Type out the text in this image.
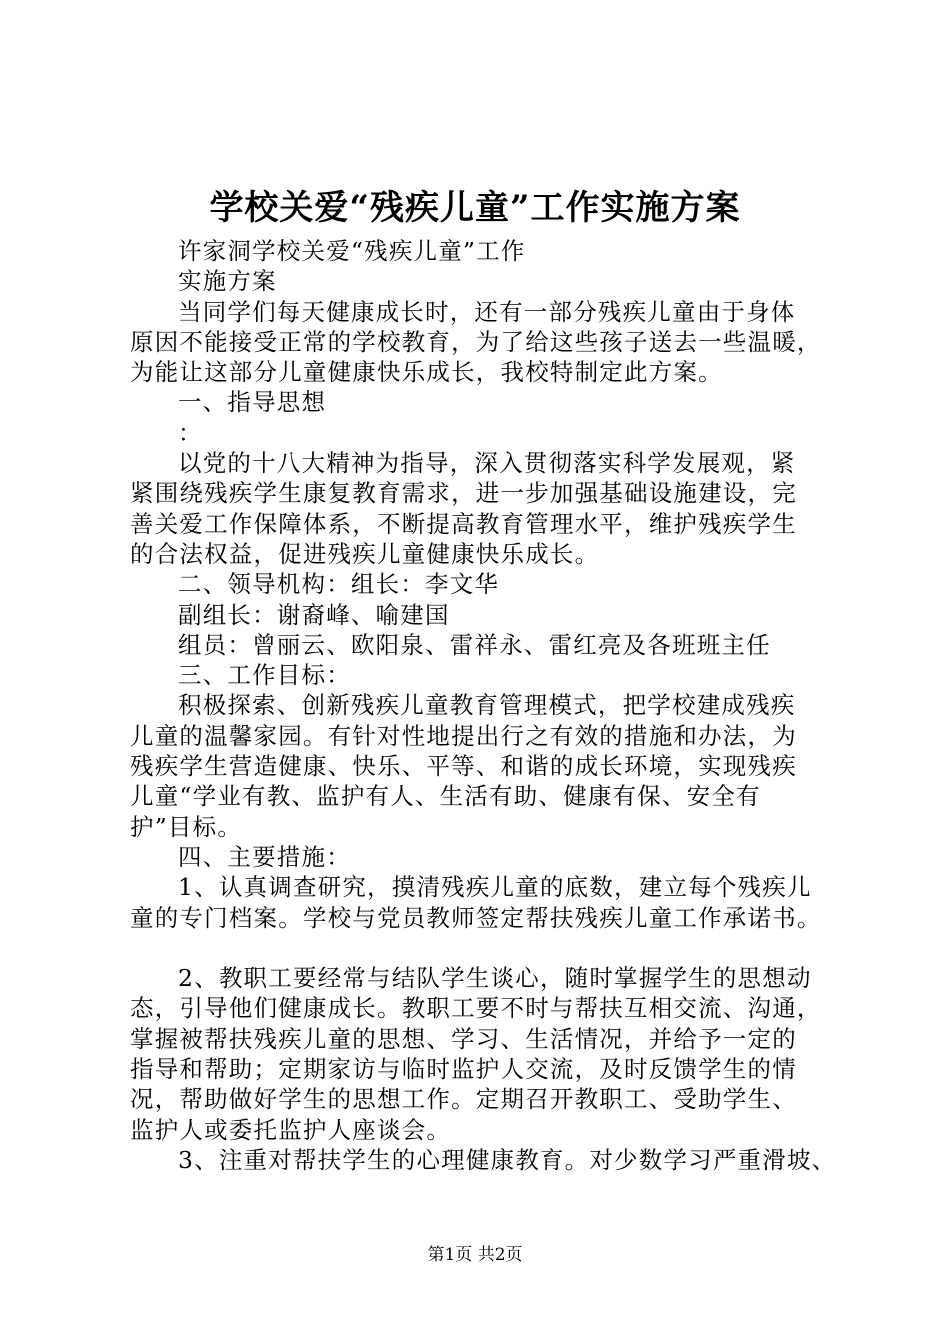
学校关爱“残疾儿童”工作实施方案
许家洞学校关爱“残疾儿童”工作
实施方案
当同学们每天健康成长时，还有一部分残疾儿童由于身体
原因不能接受正常的学校教育，为了给这些孩子送去一些温暖，
为能让这部分儿童健康快乐成长，我校特制定此方案。
一、指导思想
：
以党的十八大精神为指导，深入贯彻落实科学发展观，紧
紧围绕残疾学生康复教育需求，进一步加强基础设施建设，完
善关爱工作保障体系，不断提高教育管理水平，维护残疾学生
的合法权益，促进残疾儿童健康快乐成长。
二、领导机构：组长：李文华
副组长：谢裔峰、喻建国
组员：曾丽云、欧阳泉、雷祥永、雷红亮及各班班主任
三、工作目标：
积极探索、创新残疾儿童教育管理模式，把学校建成残疾
儿童的温馨家园。有针对性地提出行之有效的措施和办法，为
残疾学生营造健康、快乐、平等、和谐的成长环境，实现残疾
儿童“学业有教、监护有人、生活有助、健康有保、安全有
护”目标。
四、主要措施：
1、认真调查研究，摸清残疾儿童的底数，建立每个残疾儿
童的专门档案。学校与党员教师签定帮扶残疾儿童工作承诺书。
2、教职工要经常与结队学生谈心，随时掌握学生的思想动
态，引导他们健康成长。教职工要不时与帮扶互相交流、沟通，
掌握被帮扶残疾儿童的思想、学习、生活情况，并给予一定的
指导和帮助；定期家访与临时监护人交流，及时反馈学生的情
况，帮助做好学生的思想工作。定期召开教职工、受助学生、
监护人或委托监护人座谈会。
3、注重对帮扶学生的心理健康教育。对少数学习严重滑坡、
第1页 共2页
